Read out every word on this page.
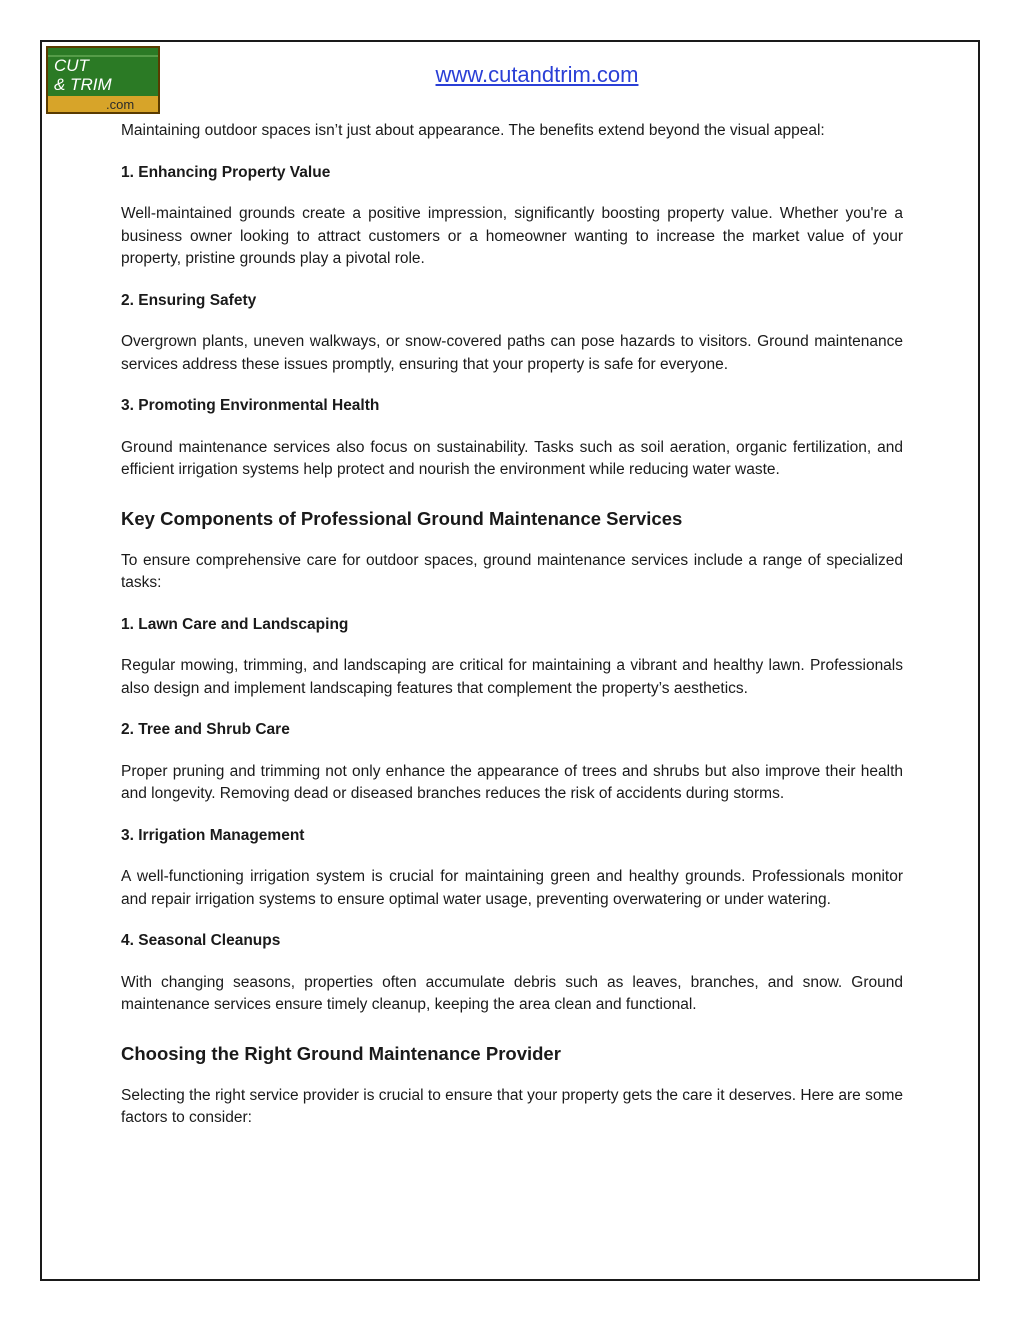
CUT
& TRIM
.com
www.cutandtrim.com

Maintaining outdoor spaces isn’t just about appearance. The benefits extend beyond the visual appeal:

1. Enhancing Property Value

Well-maintained grounds create a positive impression, significantly boosting property value. Whether you're a business owner looking to attract customers or a homeowner wanting to increase the market value of your property, pristine grounds play a pivotal role.

2. Ensuring Safety

Overgrown plants, uneven walkways, or snow-covered paths can pose hazards to visitors. Ground maintenance services address these issues promptly, ensuring that your property is safe for everyone.

3. Promoting Environmental Health

Ground maintenance services also focus on sustainability. Tasks such as soil aeration, organic fertilization, and efficient irrigation systems help protect and nourish the environment while reducing water waste.

Key Components of Professional Ground Maintenance Services

To ensure comprehensive care for outdoor spaces, ground maintenance services include a range of specialized tasks:

1. Lawn Care and Landscaping

Regular mowing, trimming, and landscaping are critical for maintaining a vibrant and healthy lawn. Professionals also design and implement landscaping features that complement the property’s aesthetics.

2. Tree and Shrub Care

Proper pruning and trimming not only enhance the appearance of trees and shrubs but also improve their health and longevity. Removing dead or diseased branches reduces the risk of accidents during storms.

3. Irrigation Management

A well-functioning irrigation system is crucial for maintaining green and healthy grounds. Professionals monitor and repair irrigation systems to ensure optimal water usage, preventing overwatering or under watering.

4. Seasonal Cleanups

With changing seasons, properties often accumulate debris such as leaves, branches, and snow. Ground maintenance services ensure timely cleanup, keeping the area clean and functional.

Choosing the Right Ground Maintenance Provider

Selecting the right service provider is crucial to ensure that your property gets the care it deserves. Here are some factors to consider:
